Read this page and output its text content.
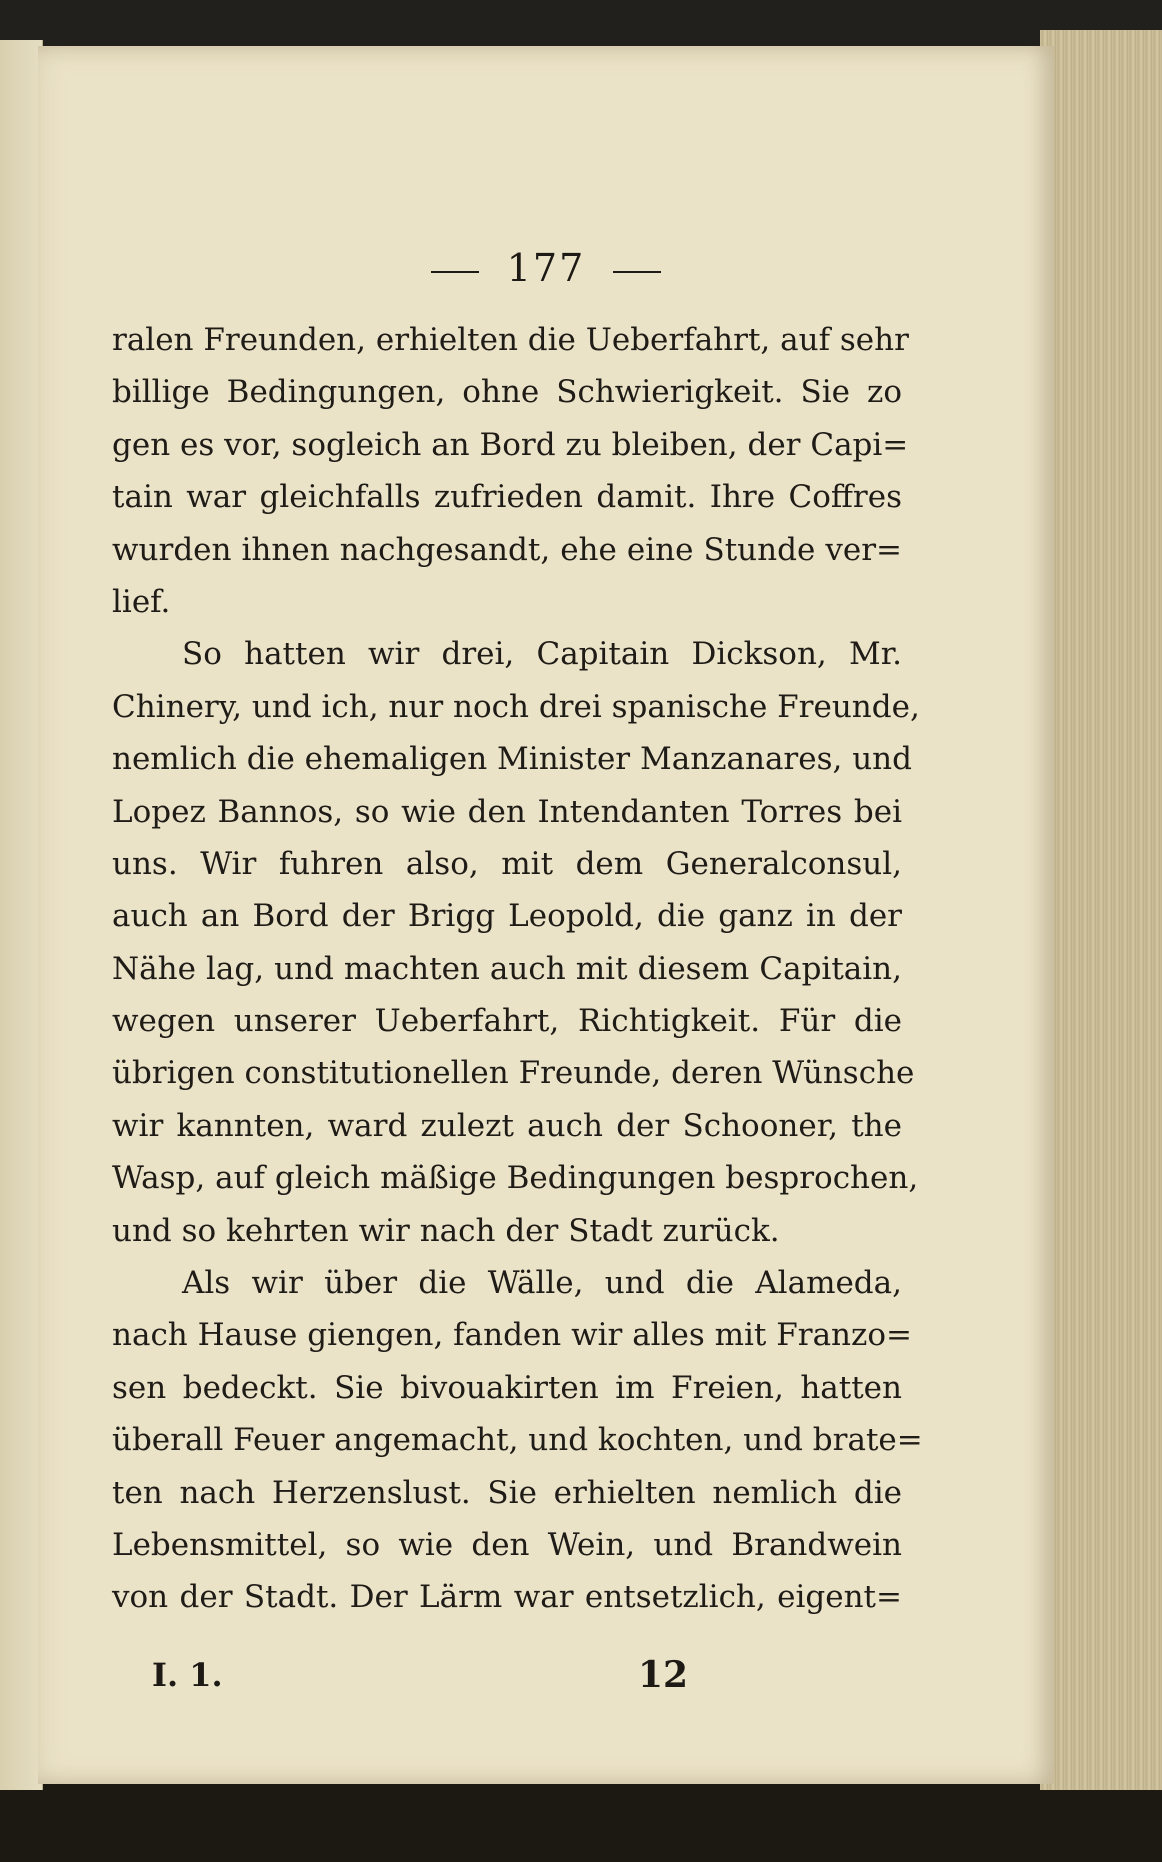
177
ralen Freunden, erhielten die Ueberfahrt, auf sehr
billige Bedingungen, ohne Schwierigkeit. Sie zo
gen es vor, sogleich an Bord zu bleiben, der Capi=
tain war gleichfalls zufrieden damit. Ihre Coffres
wurden ihnen nachgesandt, ehe eine Stunde ver=
lief.
So hatten wir drei, Capitain Dickson, Mr.
Chinery, und ich, nur noch drei spanische Freunde,
nemlich die ehemaligen Minister Manzanares, und
Lopez Bannos, so wie den Intendanten Torres bei
uns. Wir fuhren also, mit dem Generalconsul,
auch an Bord der Brigg Leopold, die ganz in der
Nähe lag, und machten auch mit diesem Capitain,
wegen unserer Ueberfahrt, Richtigkeit. Für die
übrigen constitutionellen Freunde, deren Wünsche
wir kannten, ward zulezt auch der Schooner, the
Wasp, auf gleich mäßige Bedingungen besprochen,
und so kehrten wir nach der Stadt zurück.
Als wir über die Wälle, und die Alameda,
nach Hause giengen, fanden wir alles mit Franzo=
sen bedeckt. Sie bivouakirten im Freien, hatten
überall Feuer angemacht, und kochten, und brate=
ten nach Herzenslust. Sie erhielten nemlich die
Lebensmittel, so wie den Wein, und Brandwein
von der Stadt. Der Lärm war entsetzlich, eigent=
I. 1.	12
